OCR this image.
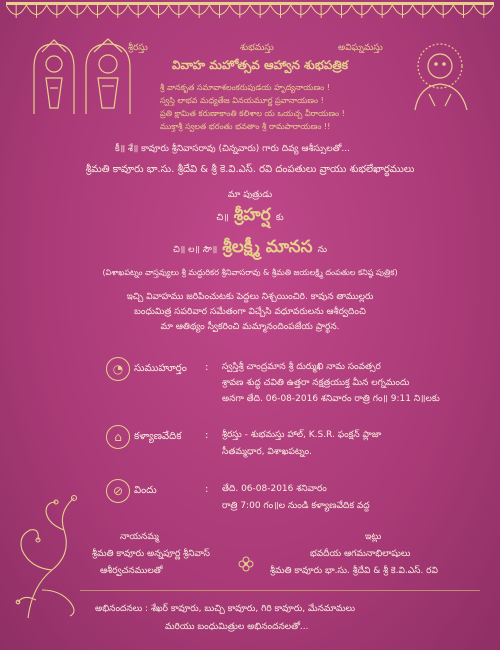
శ్రీరస్తు	శుభమస్తు	అవిఘ్నమస్తు
వివాహ మహోత్సవ ఆహ్వాన శుభపత్రిక
శ్రీ వానకృత సమావాశలంకరుపుడయ హృద్యనాయణం !
స్వస్తి లాభవ మధ్యతేజ వినయమూర్ణ ప్రవానాయణం !
ప్రతి క్షామిత కరుణాకాంతి కలిశాల య ఒయచ్చ వీరాయణం !
ముక్తాశ్రీ స్వలత భరంతు భవతాం శ్రీ రామపారాయణం !!
కీ॥ శే॥ కావూరు శ్రీనివాసరావు (చిన్నవారు) గారు దివ్య ఆశీస్సులతో...
శ్రీమతి కావూరు భా.సు. శ్రీదేవి & శ్రీ కె.వి.ఎస్. రవి దంపతులు వ్రాయు శుభలేఖార్థములు
మా పుత్రుడు
చి॥ శ్రీహర్ష కు
చి॥ ల॥ సౌ॥ శ్రీలక్ష్మీ మానస ను
(విశాఖపట్నం వాస్తవ్యులు శ్రీ మద్దురికర శ్రీనివాసరావు & శ్రీమతి జయలక్ష్మి దంపతుల కనిష్ఠ పుత్రిక)
ఇచ్చి వివాహము జరిపించుటకు పెద్దలు నిశ్చయించిరి. కావున తాముల్లరు
బంధుమిత్ర సపరివార సమేతంగా విచ్చేసి వధూవరులను ఆశీర్వదించి
మా ఆతిథ్యం స్వీకరించి మమ్మానందింపజేయ ప్రార్థన.
◔	సుముహూర్తం : స్వస్తిశ్రీ చాంద్రమాన శ్రీ దుర్ముఖి నామ సంవత్సర
శ్రావణ శుద్ధ చవితి ఉత్తరా నక్షత్రయుక్త మీన లగ్నమందు
అనగా తేది. 06-08-2016 శనివారం రాత్రి గం॥ 9:11 ని॥లకు
⌂	కళ్యాణవేదిక : శ్రీరస్తు - శుభమస్తు హాల్, K.S.R. ఫంక్షన్ ప్లాజా
సీతమ్మధార, విశాఖపట్నం.
⊘	విందు	: తేది. 06-08-2016 శనివారం
రాత్రి 7:00 గం॥ల నుండి కళ్యాణవేదిక వద్ద
నాయనమ్మ
శ్రీమతి కావూరు అన్నపూర్ణ శ్రీనివాస్
ఆశీర్వచనములతో
ఇట్లు
భవదీయ ఆగమనాభిలాషులు
శ్రీమతి కావూరు భా.సు. శ్రీదేవి & శ్రీ కె.వి.ఎస్. రవి
అభినందనలు : శేఖర్ కావూరు, బుచ్చి కావూరు, గిరి కావూరు, మేనమామలు
మరియు బంధుమిత్రుల అభినందనలతో...
